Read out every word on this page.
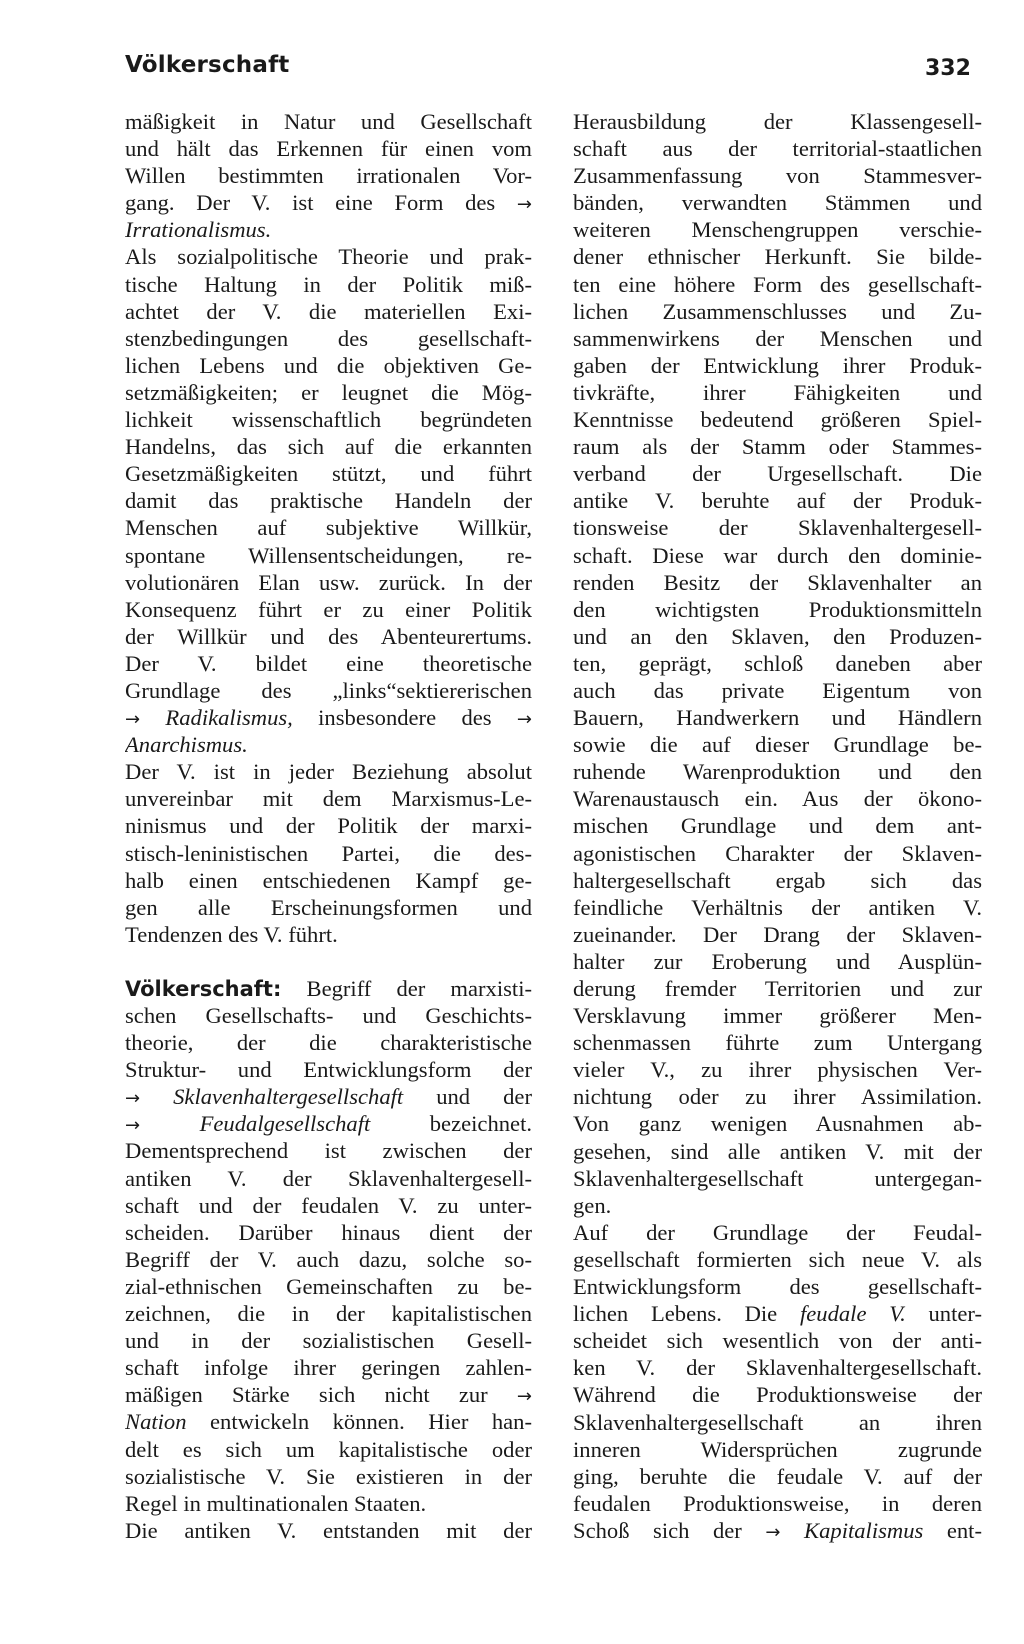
Völkerschaft	332
mäßigkeit in Natur und Gesellschaft
und hält das Erkennen für einen vom
Willen bestimmten irrationalen Vor-
gang. Der V. ist eine Form des →
Irrationalismus.
Als sozialpolitische Theorie und prak-
tische Haltung in der Politik miß-
achtet der V. die materiellen Exi-
stenzbedingungen des gesellschaft-
lichen Lebens und die objektiven Ge-
setzmäßigkeiten; er leugnet die Mög-
lichkeit wissenschaftlich begründeten
Handelns, das sich auf die erkannten
Gesetzmäßigkeiten stützt, und führt
damit das praktische Handeln der
Menschen auf subjektive Willkür,
spontane Willensentscheidungen, re-
volutionären Elan usw. zurück. In der
Konsequenz führt er zu einer Politik
der Willkür und des Abenteurertums.
Der V. bildet eine theoretische
Grundlage des „links“sektiererischen
→ Radikalismus, insbesondere des →
Anarchismus.
Der V. ist in jeder Beziehung absolut
unvereinbar mit dem Marxismus-Le-
ninismus und der Politik der marxi-
stisch-leninistischen Partei, die des-
halb einen entschiedenen Kampf ge-
gen alle Erscheinungsformen und
Tendenzen des V. führt.
Völkerschaft: Begriff der marxisti-
schen Gesellschafts- und Geschichts-
theorie, der die charakteristische
Struktur- und Entwicklungsform der
→ Sklavenhaltergesellschaft und der
→	Feudalgesellschaft bezeichnet.
Dementsprechend ist zwischen der
antiken V. der Sklavenhaltergesell-
schaft und der feudalen V. zu unter-
scheiden. Darüber hinaus dient der
Begriff der V. auch dazu, solche so-
zial-ethnischen Gemeinschaften zu be-
zeichnen, die in der kapitalistischen
und in der sozialistischen Gesell-
schaft infolge ihrer geringen zahlen-
mäßigen Stärke sich nicht zur →
Nation entwickeln können. Hier han-
delt es sich um kapitalistische oder
sozialistische V. Sie existieren in der
Regel in multinationalen Staaten.
Die antiken V. entstanden mit der
Herausbildung der Klassengesell-
schaft aus der territorial-staatlichen
Zusammenfassung von Stammesver-
bänden, verwandten Stämmen und
weiteren Menschengruppen verschie-
dener ethnischer Herkunft. Sie bilde-
ten eine höhere Form des gesellschaft-
lichen Zusammenschlusses und Zu-
sammenwirkens der Menschen und
gaben der Entwicklung ihrer Produk-
tivkräfte, ihrer Fähigkeiten und
Kenntnisse bedeutend größeren Spiel-
raum als der Stamm oder Stammes-
verband der Urgesellschaft. Die
antike V. beruhte auf der Produk-
tionsweise der Sklavenhaltergesell-
schaft. Diese war durch den dominie-
renden Besitz der Sklavenhalter an
den wichtigsten Produktionsmitteln
und an den Sklaven, den Produzen-
ten, geprägt, schloß daneben aber
auch das private Eigentum von
Bauern, Handwerkern und Händlern
sowie die auf dieser Grundlage be-
ruhende Warenproduktion und den
Warenaustausch ein. Aus der ökono-
mischen Grundlage und dem ant-
agonistischen Charakter der Sklaven-
haltergesellschaft ergab sich das
feindliche Verhältnis der antiken V.
zueinander. Der Drang der Sklaven-
halter zur Eroberung und Ausplün-
derung fremder Territorien und zur
Versklavung immer größerer Men-
schenmassen führte zum Untergang
vieler V., zu ihrer physischen Ver-
nichtung oder zu ihrer Assimilation.
Von ganz wenigen Ausnahmen ab-
gesehen, sind alle antiken V. mit der
Sklavenhaltergesellschaft untergegan-
gen.
Auf der Grundlage der Feudal-
gesellschaft formierten sich neue V. als
Entwicklungsform des gesellschaft-
lichen Lebens. Die feudale V. unter-
scheidet sich wesentlich von der anti-
ken V. der Sklavenhaltergesellschaft.
Während die Produktionsweise der
Sklavenhaltergesellschaft an ihren
inneren Widersprüchen zugrunde
ging, beruhte die feudale V. auf der
feudalen Produktionsweise, in deren
Schoß sich der → Kapitalismus ent-
